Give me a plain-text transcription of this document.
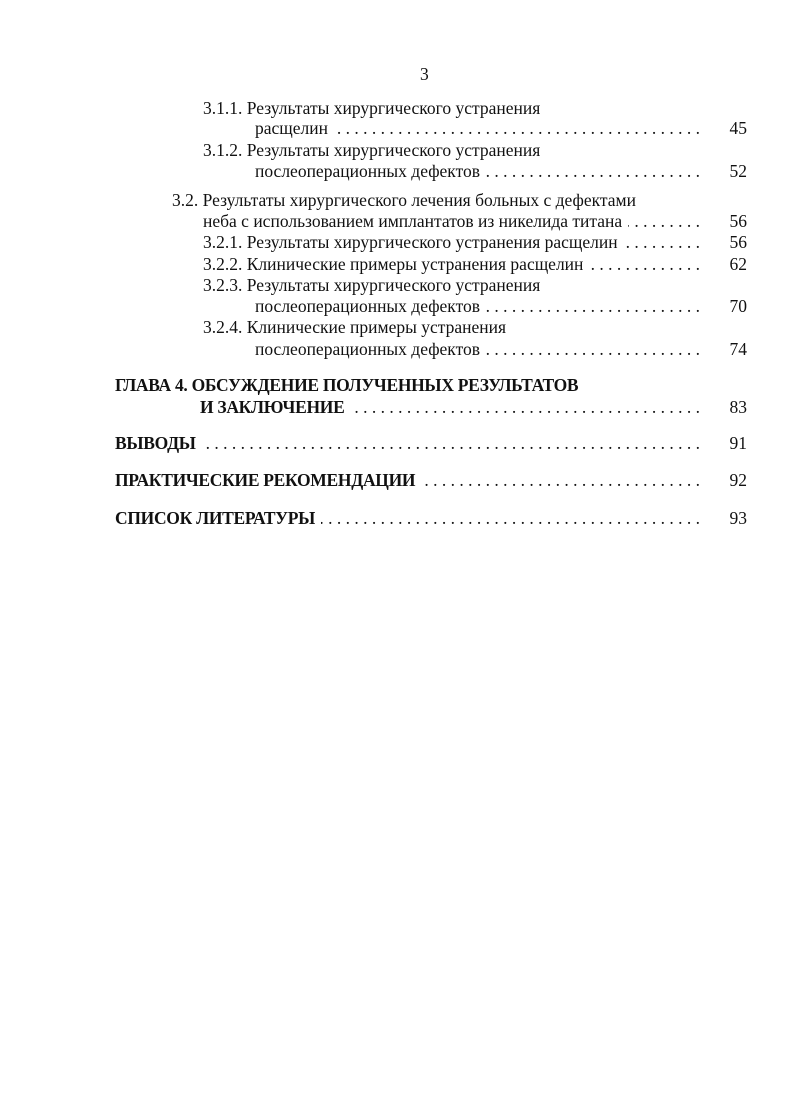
3
3.1.1.
Результаты хирургического устранения
расщелин . . .	45
3.1.2.
Результаты хирургического устранения
послеоперационных дефектов . . .	52
3.2.
Результаты хирургического лечения больных с дефектами
неба с использованием имплантатов из никелида титана . . .	56
3.2.1.
Результаты хирургического устранения расщелин . . .	56
3.2.2.
Клинические примеры устранения расщелин . . .	62
3.2.3.
Результаты хирургического устранения
послеоперационных дефектов . . .	70
3.2.4.
Клинические примеры устранения
послеоперационных дефектов . . .	74
ГЛАВА 4.
ОБСУЖДЕНИЕ ПОЛУЧЕННЫХ РЕЗУЛЬТАТОВ
И ЗАКЛЮЧЕНИЕ . . .	83
ВЫВОДЫ . . .	91
ПРАКТИЧЕСКИЕ РЕКОМЕНДАЦИИ . . .	92
СПИСОК ЛИТЕРАТУРЫ . . .	93
